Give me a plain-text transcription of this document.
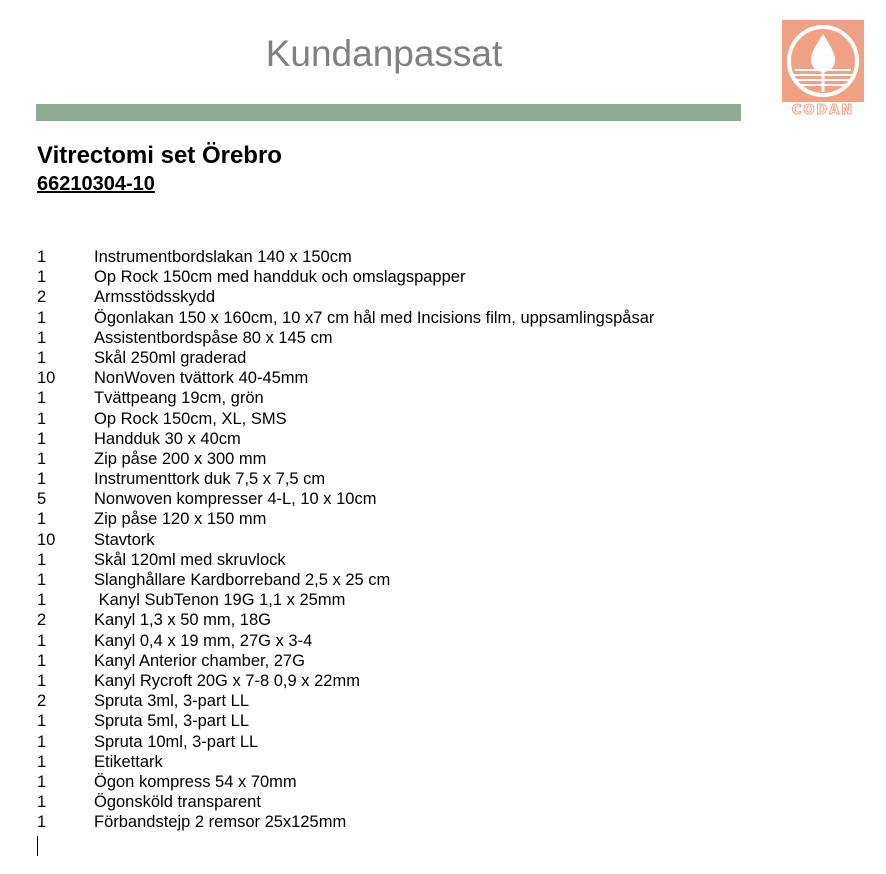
Kundanpassat
CODAN
Vitrectomi set Örebro
66210304-10
1	Instrumentbordslakan 140 x 150cm
1	Op Rock 150cm med handduk och omslagspapper
2	Armsstödsskydd
1	Ögonlakan 150 x 160cm, 10 x7 cm hål med Incisions film, uppsamlingspåsar
1	Assistentbordspåse 80 x 145 cm
1	Skål 250ml graderad
10	NonWoven tvättork 40-45mm
1	Tvättpeang 19cm, grön
1	Op Rock 150cm, XL, SMS
1	Handduk 30 x 40cm
1	Zip påse 200 x 300 mm
1	Instrumenttork duk 7,5 x 7,5 cm
5	Nonwoven kompresser 4-L, 10 x 10cm
1	Zip påse 120 x 150 mm
10	Stavtork
1	Skål 120ml med skruvlock
1	Slanghållare Kardborreband 2,5 x 25 cm
1	Kanyl SubTenon 19G 1,1 x 25mm
2	Kanyl 1,3 x 50 mm, 18G
1	Kanyl 0,4 x 19 mm, 27G x 3-4
1	Kanyl Anterior chamber, 27G
1	Kanyl Rycroft 20G x 7-8 0,9 x 22mm
2	Spruta 3ml, 3-part LL
1	Spruta 5ml, 3-part LL
1	Spruta 10ml, 3-part LL
1	Etikettark
1	Ögon kompress 54 x 70mm
1	Ögonsköld transparent
1	Förbandstejp 2 remsor 25x125mm
